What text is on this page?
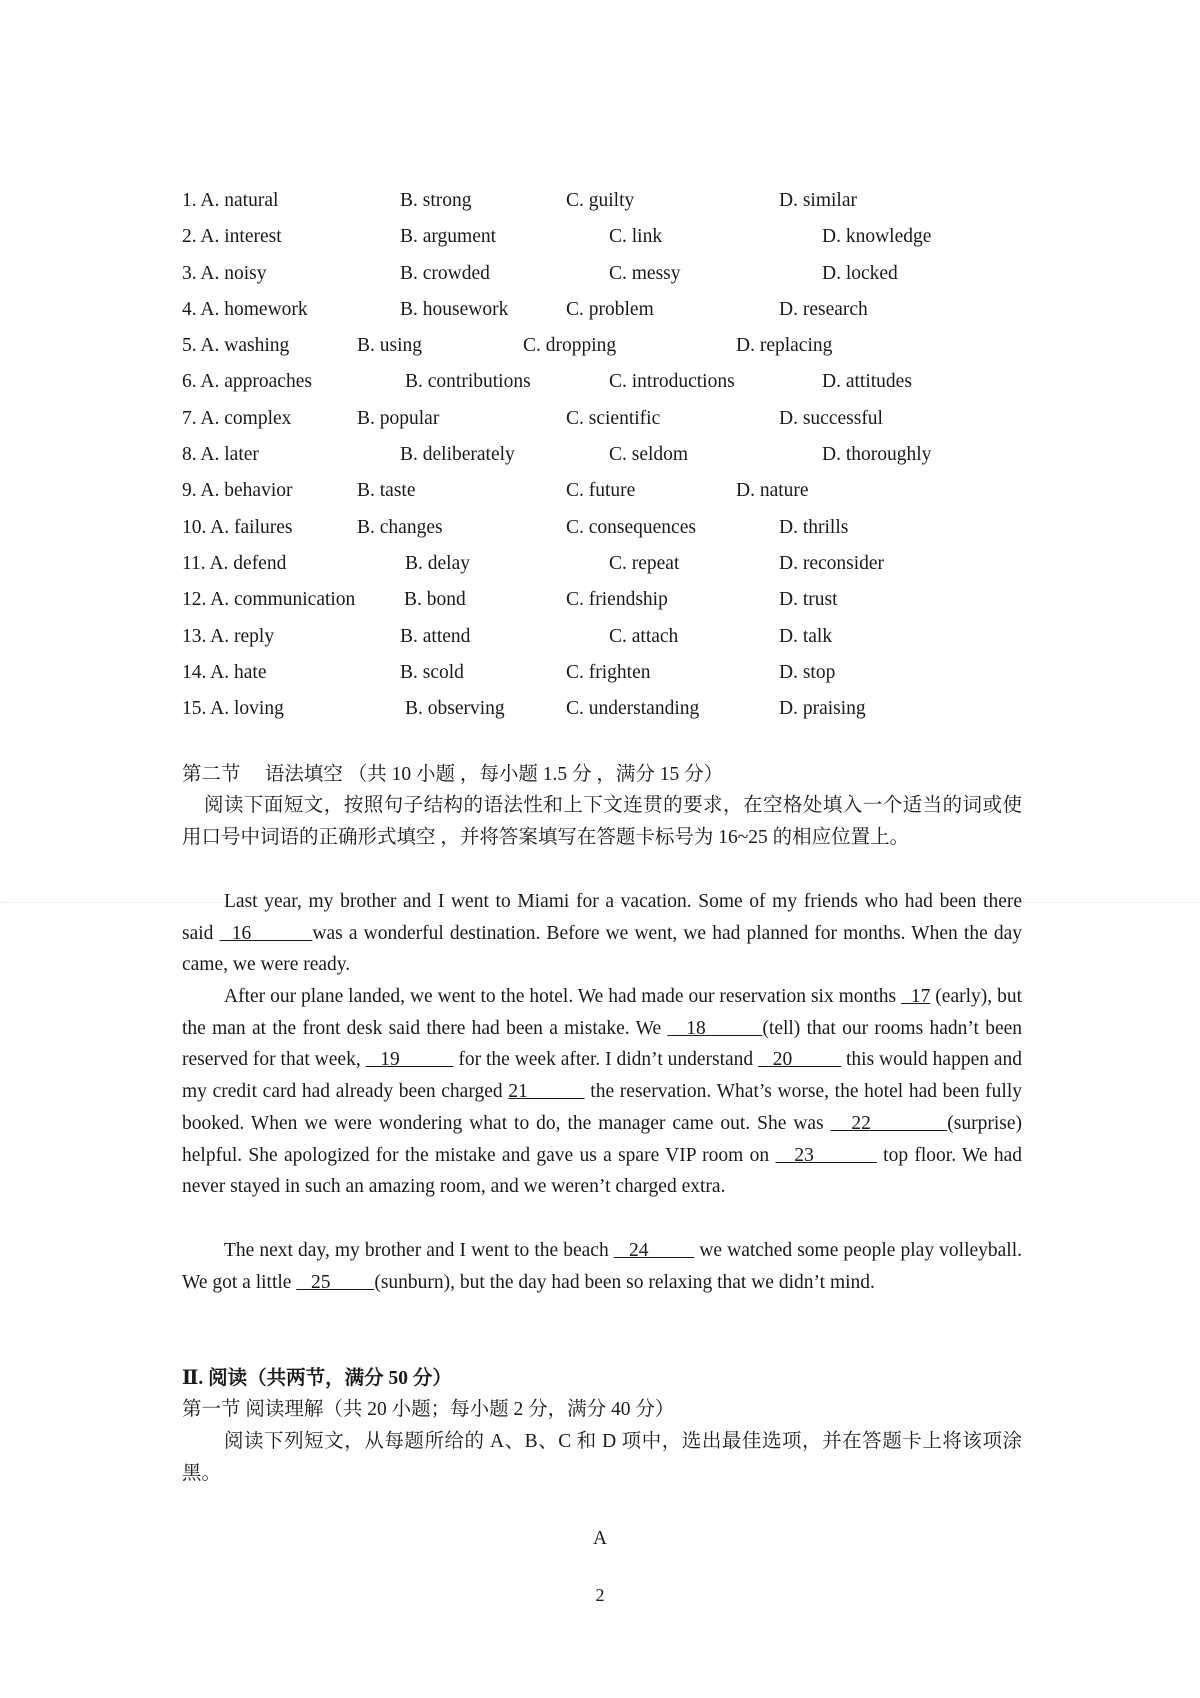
1. A. natural	B. strong	C. guilty	D. similar
2. A. interest	B. argument	C. link	D. knowledge
3. A. noisy	B. crowded	C. messy	D. locked
4. A. homework	B. housework	C. problem	D. research
5. A. washing	B. using	C. dropping	D. replacing
6. A. approaches	B. contributions	C. introductions	D. attitudes
7. A. complex	B. popular	C. scientific	D. successful
8. A. later	B. deliberately	C. seldom	D. thoroughly
9. A. behavior	B. taste	C. future	D. nature
10. A. failures	B. changes	C. consequences	D. thrills
11. A. defend	B. delay	C. repeat	D. reconsider
12. A. communication B. bond	C. friendship	D. trust
13. A. reply	B. attend	C. attach	D. talk
14. A. hate	B. scold	C. frighten	D. stop
15. A. loving	B. observing	C. understanding	D. praising
第二节　 语法填空 （共 10 小题 ，每小题 1.5 分 ，满分 15 分）
阅读下面短文，按照句子结构的语法性和上下文连贯的要求，在空格处填入一个适当的词或使用口号中词语的正确形式填空 ，并将答案填写在答题卡标号为 16~25 的相应位置上。
Last year, my brother and I went to Miami for a vacation. Some of my friends who had been there said   16          was a wonderful destination. Before we went, we had planned for months. When the day came, we were ready.
After our plane landed, we went to the hotel. We had made our reservation six months   17 (early), but the man at the front desk said there had been a mistake. We    18         (tell) that our rooms hadn’t been reserved for that week,    19            for the week after. I didn’t understand    20           this would happen and my credit card had already been charged 21           the reservation. What’s worse, the hotel had been fully booked. When we were wondering what to do, the manager came out. She was    22           (surprise) helpful. She apologized for the mistake and gave us a spare VIP room on    23           top floor. We had never stayed in such an amazing room, and we weren’t charged extra.
The next day, my brother and I went to the beach    24          we watched some people play volleyball. We got a little    25         (sunburn), but the day had been so relaxing that we didn’t mind.
Ⅱ. 阅读（共两节，满分 50 分）
第一节 阅读理解（共 20 小题；每小题 2 分，满分 40 分）
阅读下列短文，从每题所给的 A、B、C 和 D 项中，选出最佳选项，并在答题卡上将该项涂黑。
A
2
